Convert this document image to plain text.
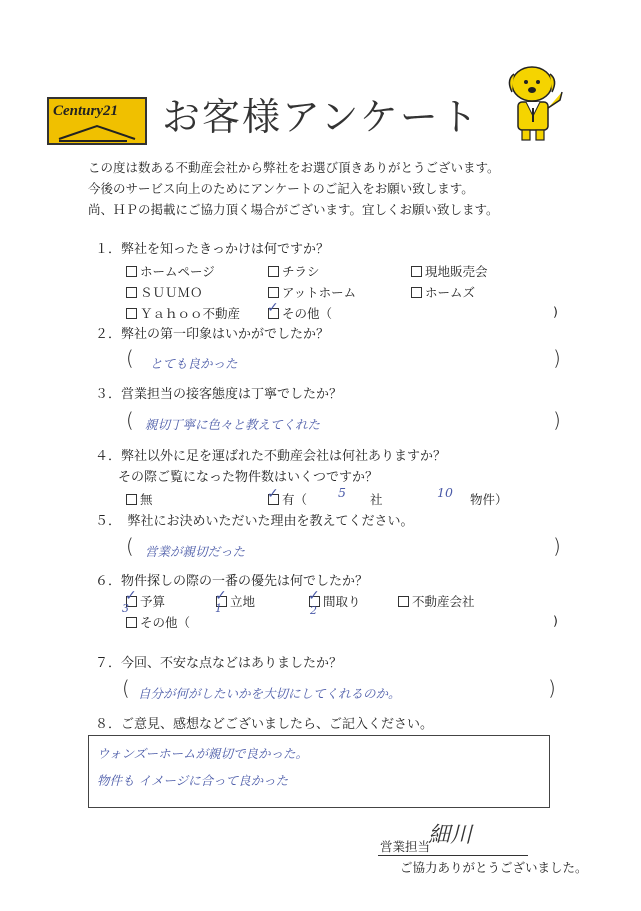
Century21 お客様アンケート
この度は数ある不動産会社から弊社をお選び頂きありがとうございます。
今後のサービス向上のためにアンケートのご記入をお願い致します。
尚、ＨＰの掲載にご協力頂く場合がございます。宜しくお願い致します。
１．弊社を知ったきっかけは何ですか？
ホームページ	チラシ	現地販売会
ＳＵＵＭＯ	アットホーム	ホームズ
Ｙａｈｏｏ不動産 ✓ その他（	)
２．弊社の第一印象はいかがでしたか？
( とても良かった	)
３．営業担当の接客態度は丁寧でしたか？
( 親切丁寧に色々と教えてくれた	)
４．弊社以外に足を運ばれた不動産会社は何社ありますか？
その際ご覧になった物件数はいくつですか？
無	✓ 有（ 5 社	10 物件）
５．　弊社にお決めいただいた理由を教えてください。
( 営業が親切だった	)
６．物件探しの際の一番の優先は何でしたか？
✓ 予算	✓ 立地	✓ 間取り	不動産会社
3	1	2
その他（	)
７．今回、不安な点などはありましたか？
( 自分が何がしたいかを大切にしてくれるのか。	)
８．ご意見、感想などございましたら、ご記入ください。
ウォンズーホームが親切で良かった。
物件も イメージに合って良かった
営業担当
細川
ご協力ありがとうございました。
